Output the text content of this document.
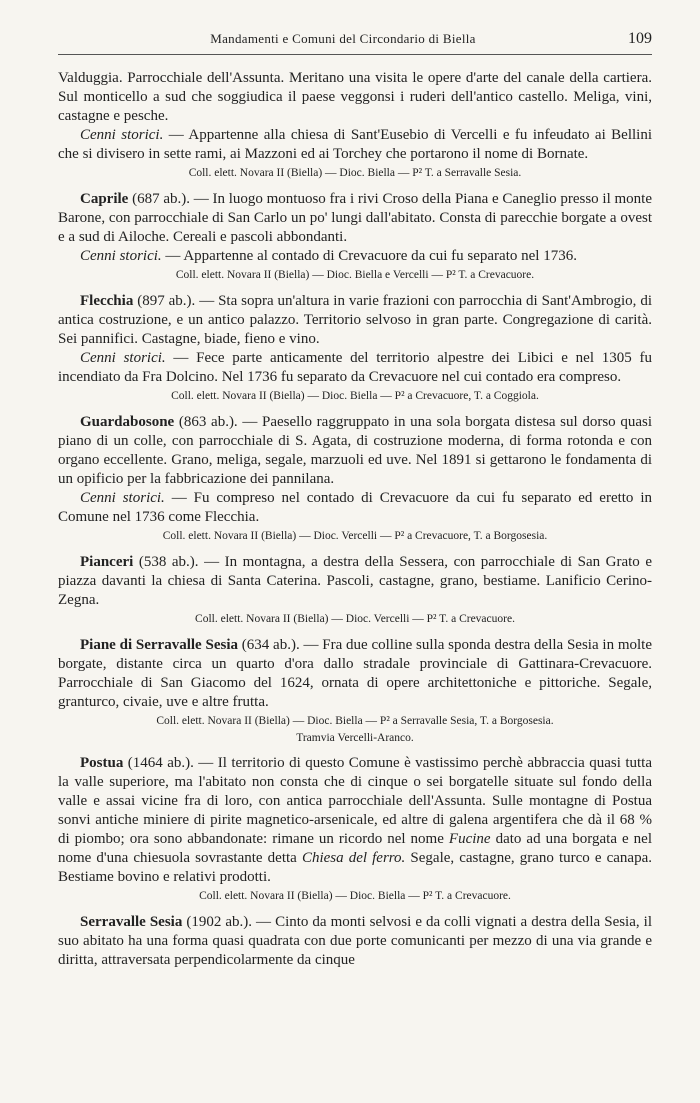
Mandamenti e Comuni del Circondario di Biella	109

Valduggia. Parrocchiale dell'Assunta. Meritano una visita le opere d'arte del canale della cartiera. Sul monticello a sud che soggiudica il paese veggonsi i ruderi dell'antico castello. Meliga, vini, castagne e pesche.

Cenni storici. — Appartenne alla chiesa di Sant'Eusebio di Vercelli e fu infeudato ai Bellini che si divisero in sette rami, ai Mazzoni ed ai Torchey che portarono il nome di Bornate.

Coll. elett. Novara II (Biella) — Dioc. Biella — P² T. a Serravalle Sesia.

Caprile (687 ab.). — In luogo montuoso fra i rivi Croso della Piana e Caneglio presso il monte Barone, con parrocchiale di San Carlo un po' lungi dall'abitato. Consta di parecchie borgate a ovest e a sud di Ailoche. Cereali e pascoli abbondanti.

Cenni storici. — Appartenne al contado di Crevacuore da cui fu separato nel 1736.

Coll. elett. Novara II (Biella) — Dioc. Biella e Vercelli — P² T. a Crevacuore.

Flecchia (897 ab.). — Sta sopra un'altura in varie frazioni con parrocchia di Sant'Ambrogio, di antica costruzione, e un antico palazzo. Territorio selvoso in gran parte. Congregazione di carità. Sei pannifici. Castagne, biade, fieno e vino.

Cenni storici. — Fece parte anticamente del territorio alpestre dei Libici e nel 1305 fu incendiato da Fra Dolcino. Nel 1736 fu separato da Crevacuore nel cui contado era compreso.

Coll. elett. Novara II (Biella) — Dioc. Biella — P² a Crevacuore, T. a Coggiola.

Guardabosone (863 ab.). — Paesello raggruppato in una sola borgata distesa sul dorso quasi piano di un colle, con parrocchiale di S. Agata, di costruzione moderna, di forma rotonda e con organo eccellente. Grano, meliga, segale, marzuoli ed uve. Nel 1891 si gettarono le fondamenta di un opificio per la fabbricazione dei pannilana.

Cenni storici. — Fu compreso nel contado di Crevacuore da cui fu separato ed eretto in Comune nel 1736 come Flecchia.

Coll. elett. Novara II (Biella) — Dioc. Vercelli — P² a Crevacuore, T. a Borgosesia.

Pianceri (538 ab.). — In montagna, a destra della Sessera, con parrocchiale di San Grato e piazza davanti la chiesa di Santa Caterina. Pascoli, castagne, grano, bestiame. Lanificio Cerino-Zegna.

Coll. elett. Novara II (Biella) — Dioc. Vercelli — P² T. a Crevacuore.

Piane di Serravalle Sesia (634 ab.). — Fra due colline sulla sponda destra della Sesia in molte borgate, distante circa un quarto d'ora dallo stradale provinciale di Gattinara-Crevacuore. Parrocchiale di San Giacomo del 1624, ornata di opere architettoniche e pittoriche. Segale, granturco, civaie, uve e altre frutta.

Coll. elett. Novara II (Biella) — Dioc. Biella — P² a Serravalle Sesia, T. a Borgosesia.
Tramvia Vercelli-Aranco.

Postua (1464 ab.). — Il territorio di questo Comune è vastissimo perchè abbraccia quasi tutta la valle superiore, ma l'abitato non consta che di cinque o sei borgatelle situate sul fondo della valle e assai vicine fra di loro, con antica parrocchiale dell'Assunta. Sulle montagne di Postua sonvi antiche miniere di pirite magnetico-arsenicale, ed altre di galena argentifera che dà il 68 % di piombo; ora sono abbandonate: rimane un ricordo nel nome Fucine dato ad una borgata e nel nome d'una chiesuola sovrastante detta Chiesa del ferro. Segale, castagne, grano turco e canapa. Bestiame bovino e relativi prodotti.

Coll. elett. Novara II (Biella) — Dioc. Biella — P² T. a Crevacuore.

Serravalle Sesia (1902 ab.). — Cinto da monti selvosi e da colli vignati a destra della Sesia, il suo abitato ha una forma quasi quadrata con due porte comunicanti per mezzo di una via grande e diritta, attraversata perpendicolarmente da cinque
